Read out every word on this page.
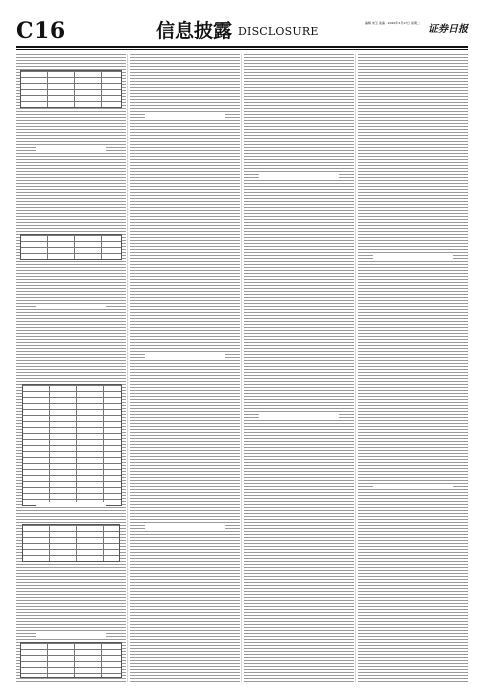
C16	信息披露 DISCLOSURE
编辑 刘玉 美编 · 2020年3月17日 星期二
证券日报
